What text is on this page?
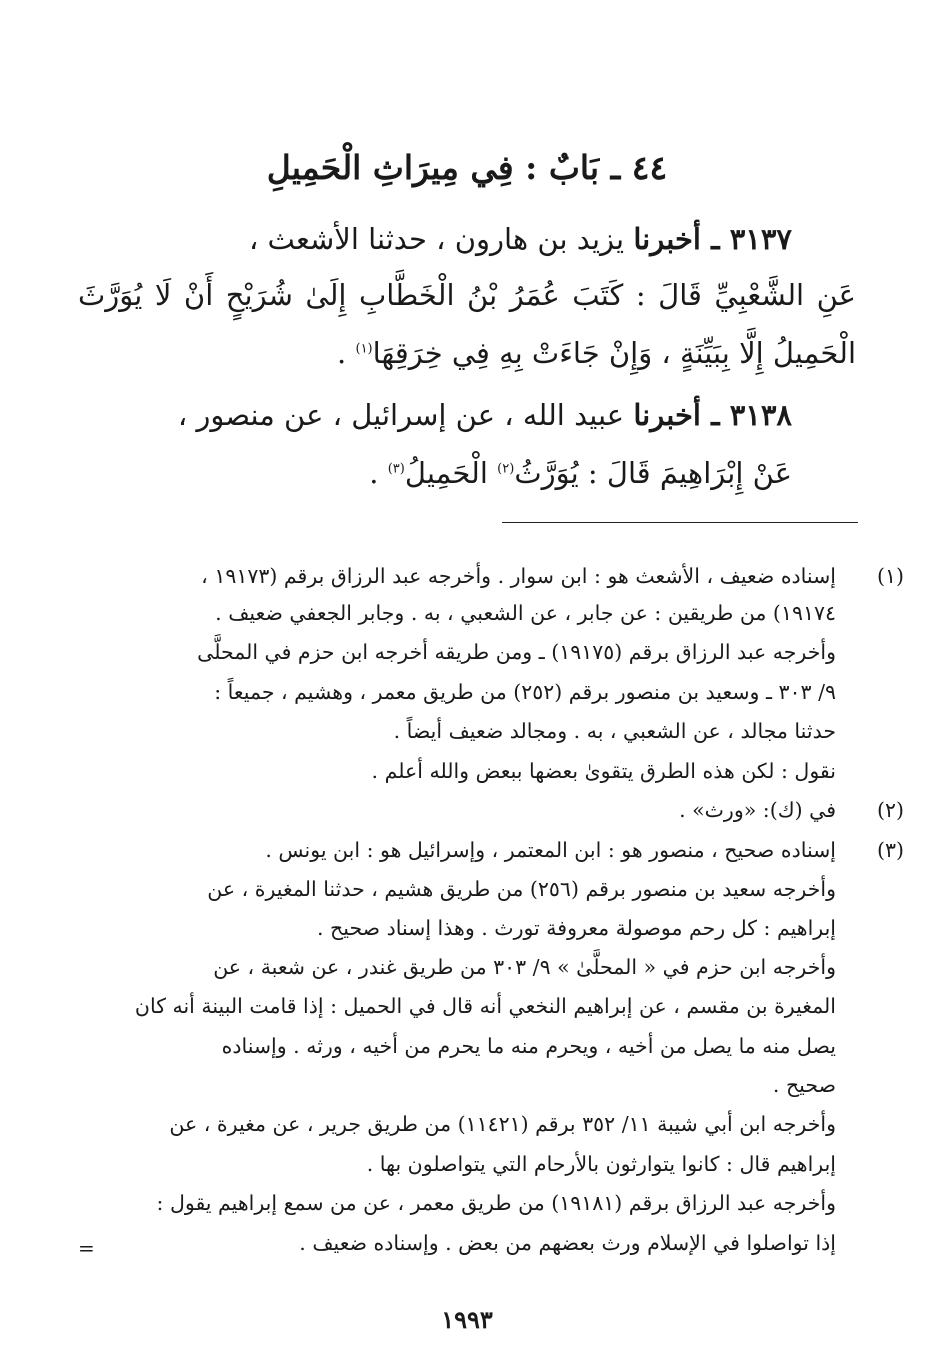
٤٤ ـ بَابٌ : فِي مِيرَاثِ الْحَمِيلِ
٣١٣٧ ـ أخبرنا يزيد بن هارون ، حدثنا الأشعث ،
عَنِ الشَّعْبِيِّ قَالَ : كَتَبَ عُمَرُ بْنُ الْخَطَّابِ إِلَىٰ شُرَيْحٍ أَنْ لَا يُوَرَّثَ
الْحَمِيلُ إِلَّا بِبَيِّنَةٍ ، وَإِنْ جَاءَتْ بِهِ فِي خِرَقِهَا$^{(١)}$ .
٣١٣٨ ـ أخبرنا عبيد الله ، عن إسرائيل ، عن منصور ،
عَنْ إِبْرَاهِيمَ قَالَ : يُوَرَّثُ$^{(٢)}$ الْحَمِيلُ$^{(٣)}$ .
(١)
(٢)
(٣)
إسناده ضعيف ، الأشعث هو : ابن سوار . وأخرجه عبد الرزاق برقم (١٩١٧٣ ،
١٩١٧٤) من طريقين : عن جابر ، عن الشعبي ، به . وجابر الجعفي ضعيف .
وأخرجه عبد الرزاق برقم (١٩١٧٥) ـ ومن طريقه أخرجه ابن حزم في المحلَّى
٩/ ٣٠٣ ـ وسعيد بن منصور برقم (٢٥٢) من طريق معمر ، وهشيم ، جميعاً :
حدثنا مجالد ، عن الشعبي ، به . ومجالد ضعيف أيضاً .
نقول : لكن هذه الطرق يتقوىٰ بعضها ببعض والله أعلم .
في (ك): «ورث» .
إسناده صحيح ، منصور هو : ابن المعتمر ، وإسرائيل هو : ابن يونس .
وأخرجه سعيد بن منصور برقم (٢٥٦) من طريق هشيم ، حدثنا المغيرة ، عن
إبراهيم : كل رحم موصولة معروفة تورث . وهذا إسناد صحيح .
وأخرجه ابن حزم في « المحلَّىٰ » ٩/ ٣٠٣ من طريق غندر ، عن شعبة ، عن
المغيرة بن مقسم ، عن إبراهيم النخعي أنه قال في الحميل : إذا قامت البينة أنه كان
يصل منه ما يصل من أخيه ، ويحرم منه ما يحرم من أخيه ، ورثه . وإسناده
صحيح .
وأخرجه ابن أبي شيبة ١١/ ٣٥٢ برقم (١١٤٢١) من طريق جرير ، عن مغيرة ، عن
إبراهيم قال : كانوا يتوارثون بالأرحام التي يتواصلون بها .
وأخرجه عبد الرزاق برقم (١٩١٨١) من طريق معمر ، عن من سمع إبراهيم يقول :
إذا تواصلوا في الإسلام ورث بعضهم من بعض . وإسناده ضعيف .
=
١٩٩٣
